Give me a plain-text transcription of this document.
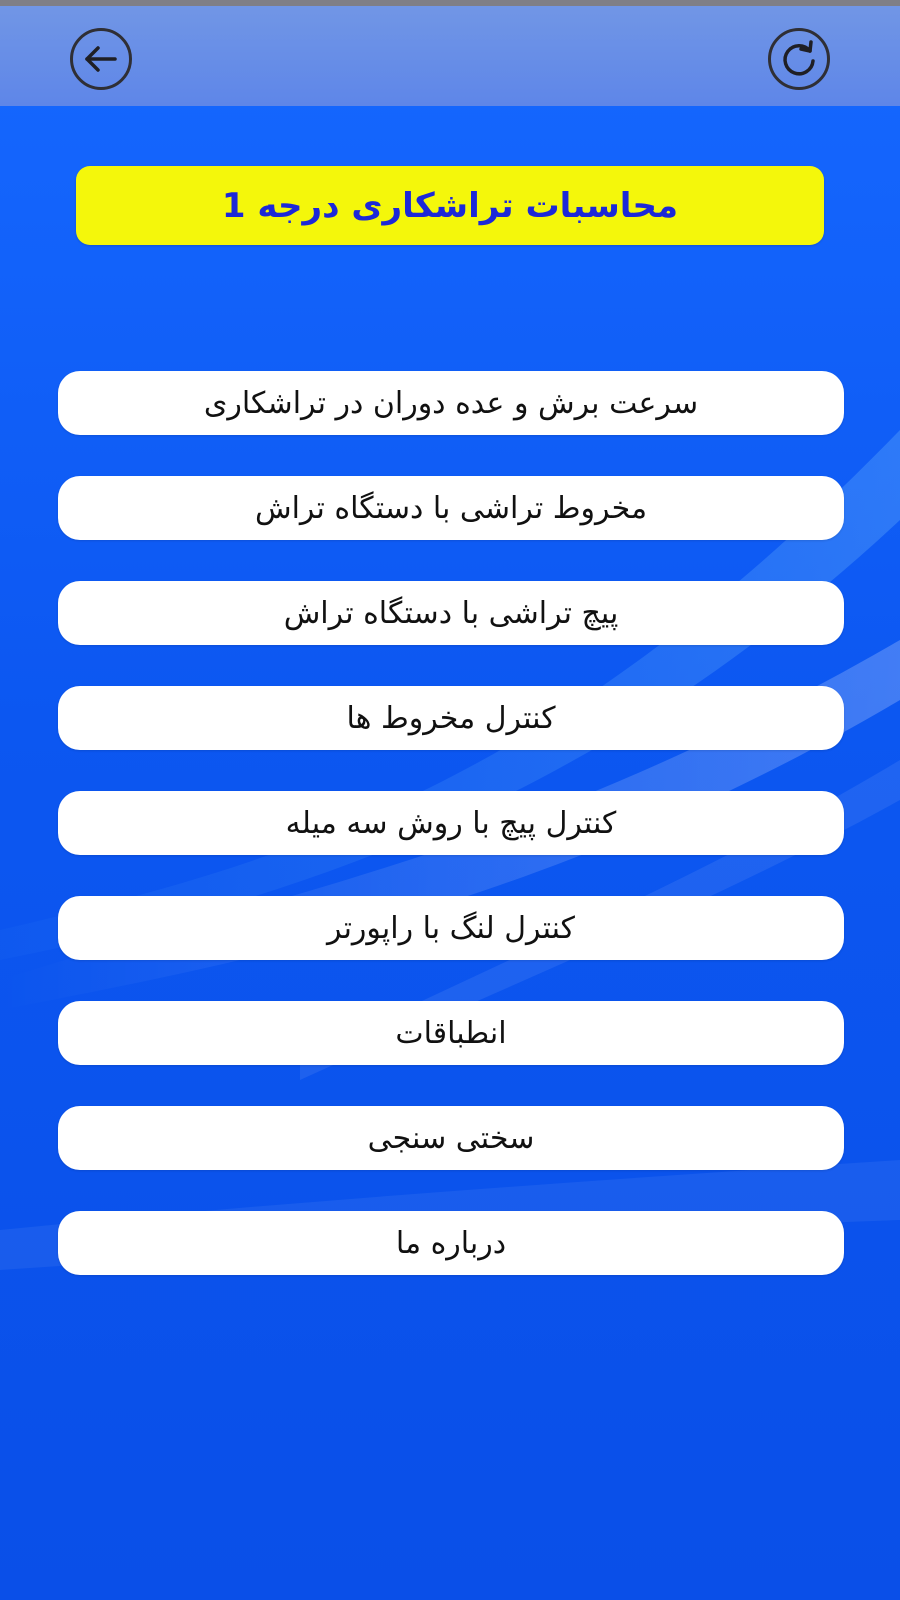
محاسبات تراشکاری درجه 1
سرعت برش و عده دوران در تراشکاری
مخروط تراشی با دستگاه تراش
پیچ تراشی با دستگاه تراش
کنترل مخروط ها
کنترل پیچ با روش سه میله
کنترل لنگ با راپورتر
انطباقات
سختی سنجی
درباره ما
